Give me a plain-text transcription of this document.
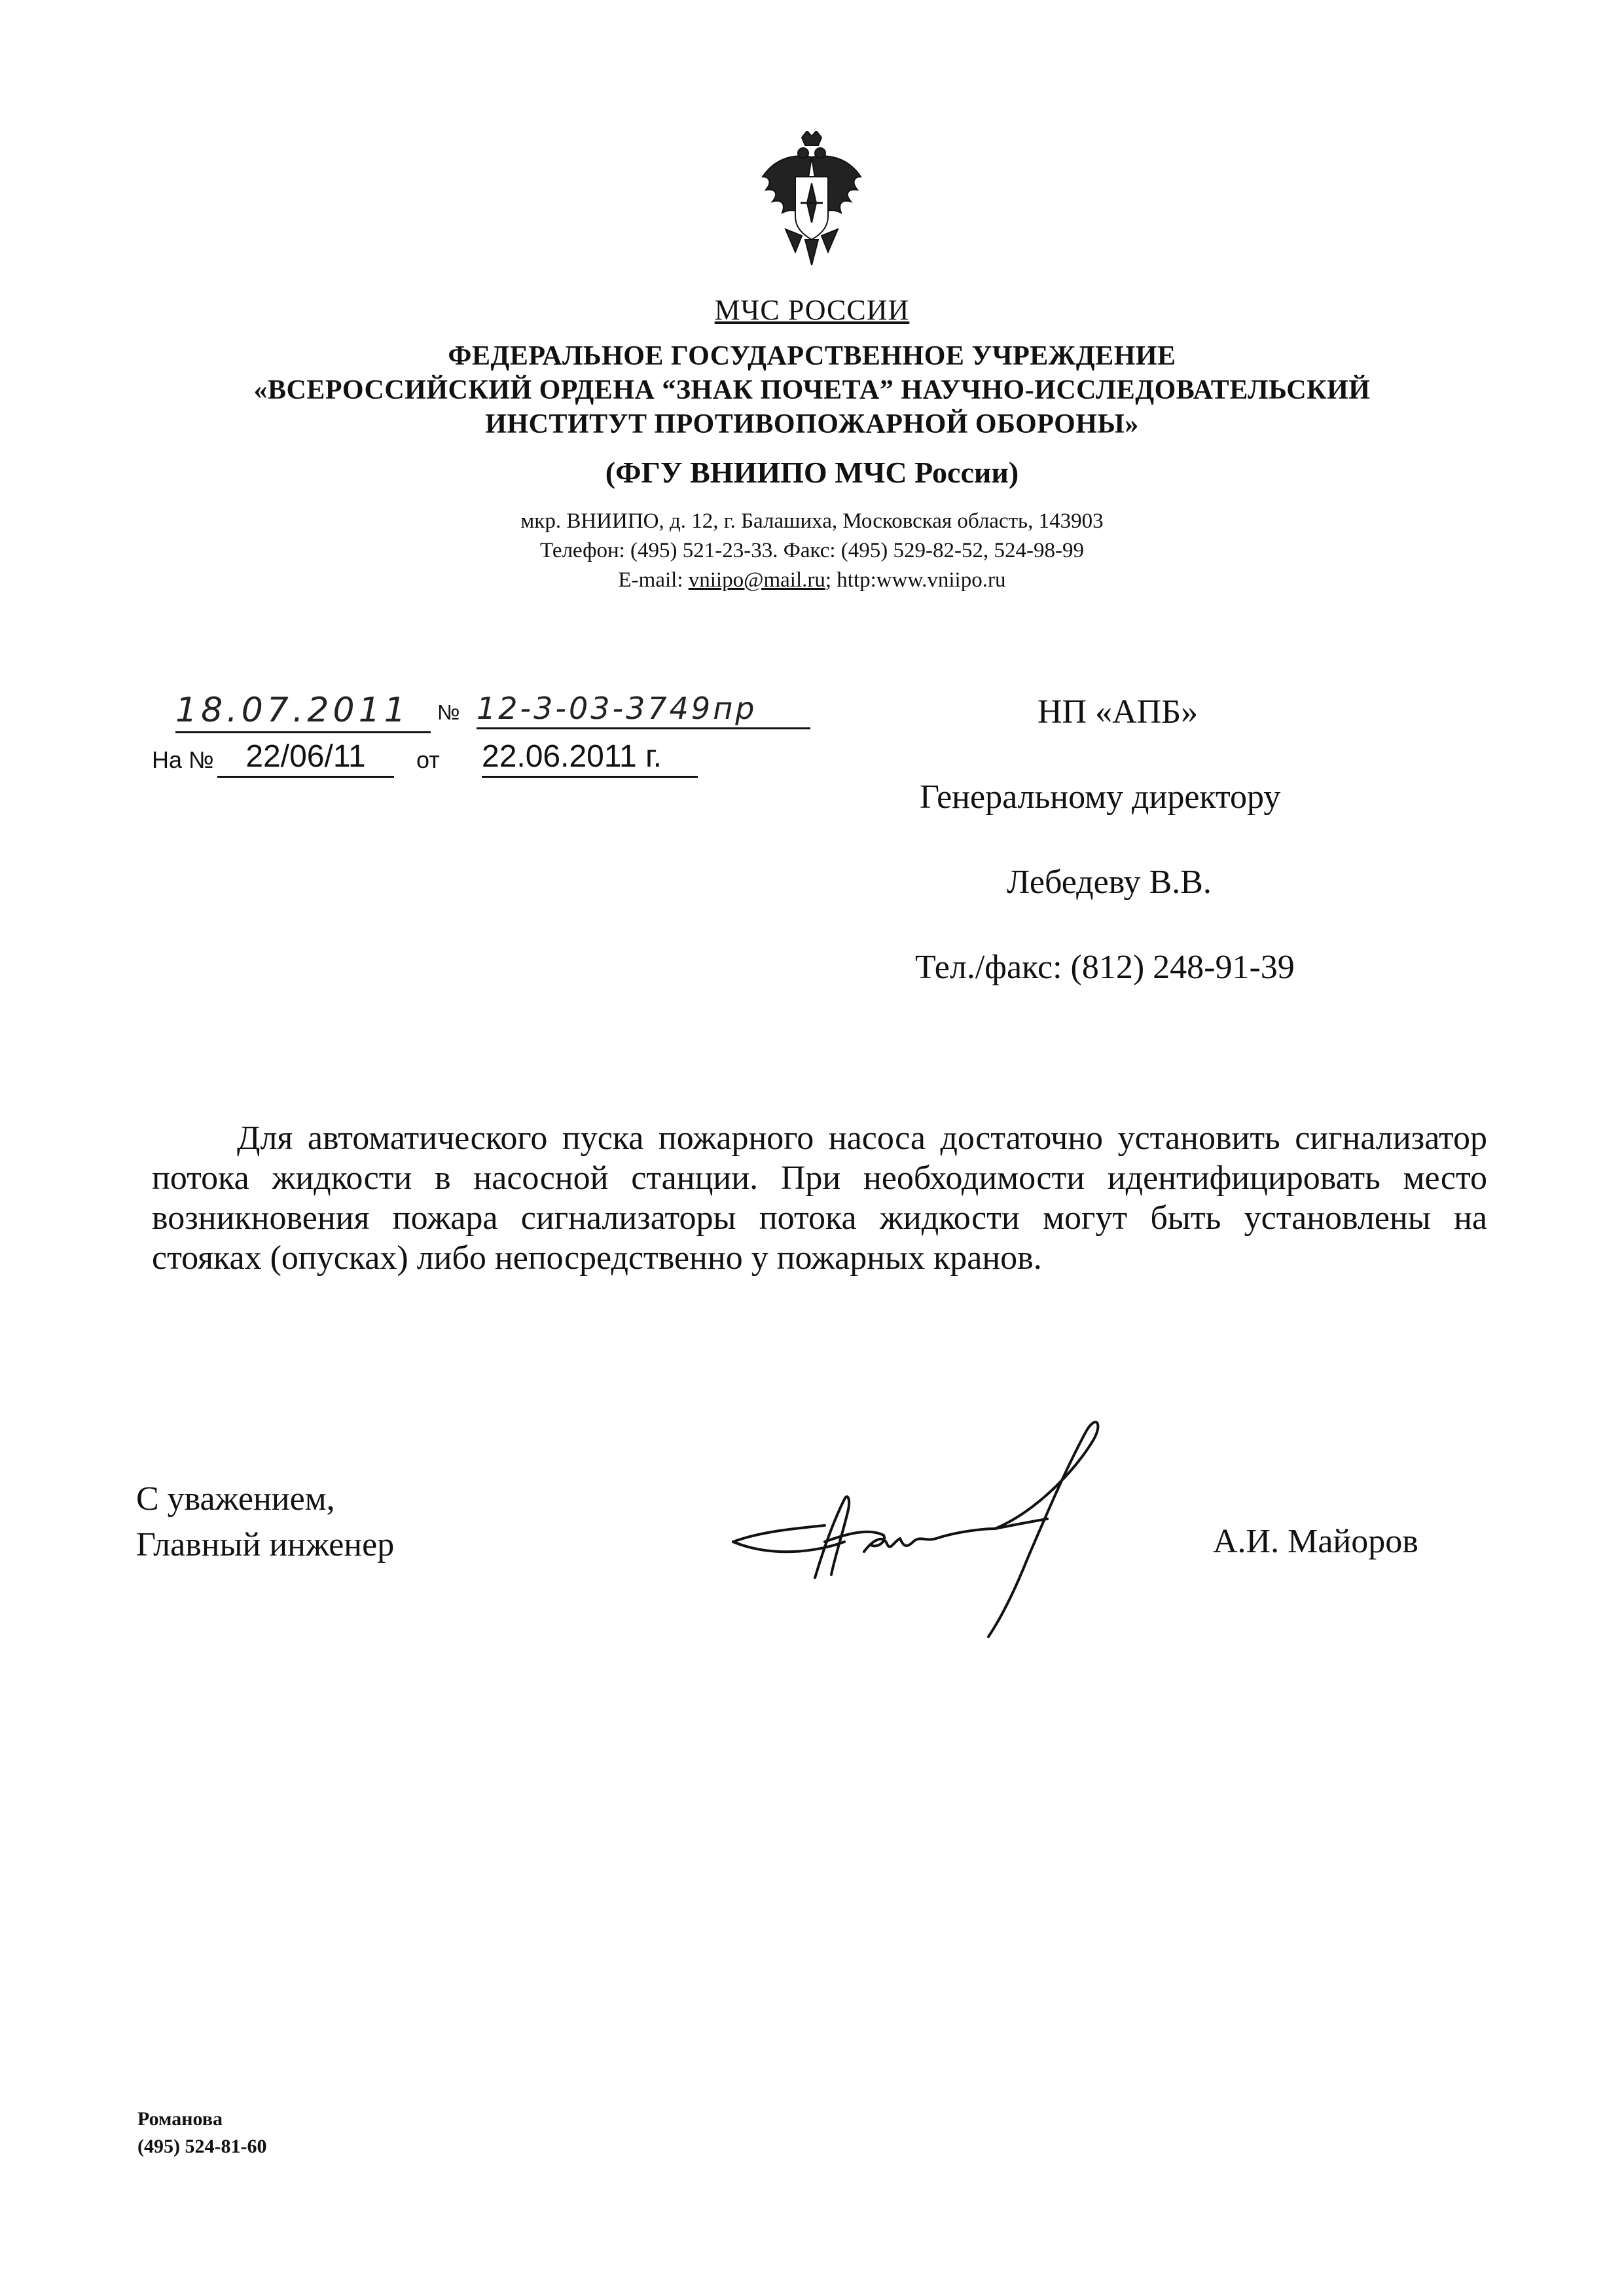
МЧС РОССИИ
ФЕДЕРАЛЬНОЕ ГОСУДАРСТВЕННОЕ УЧРЕЖДЕНИЕ
«ВСЕРОССИЙСКИЙ ОРДЕНА “ЗНАК ПОЧЕТА” НАУЧНО-ИССЛЕДОВАТЕЛЬСКИЙ
ИНСТИТУТ ПРОТИВОПОЖАРНОЙ ОБОРОНЫ»
(ФГУ ВНИИПО МЧС России)
мкр. ВНИИПО, д. 12, г. Балашиха, Московская область, 143903
Телефон: (495) 521-23-33. Факс: (495) 529-82-52, 524-98-99
E-mail: vniipo@mail.ru; http:www.vniipo.ru
18.07.2011	№ 12-3-03-3749пр
На №	22/06/11	от 22.06.2011 г.
НП «АПБ»
Генеральному директору
Лебедеву В.В.
Тел./факс: (812) 248-91-39
Для автоматического пуска пожарного насоса достаточно установить сигнализатор потока жидкости в насосной станции. При необходимости идентифицировать место возникновения пожара сигнализаторы потока жидкости могут быть установлены на стояках (опусках) либо непосредственно у пожарных кранов.
С уважением,
Главный инженер	А.И. Майоров
Романова
(495) 524-81-60
